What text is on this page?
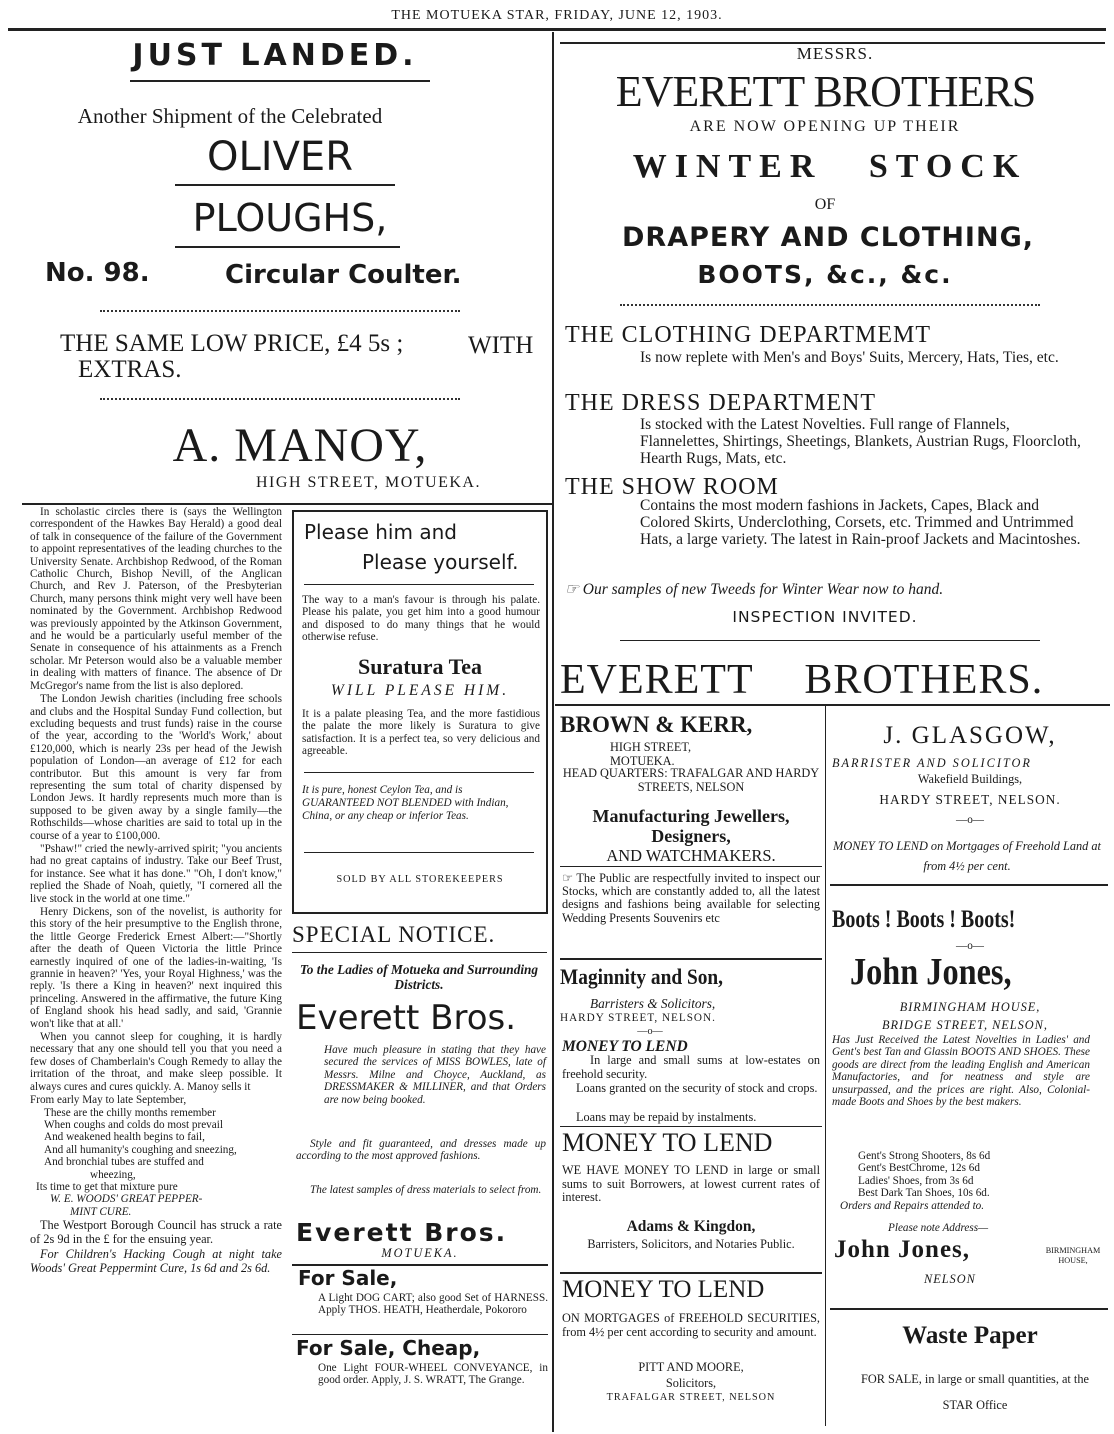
THE MOTUEKA STAR, FRIDAY, JUNE 12, 1903.
JUST LANDED.
Another Shipment of the Celebrated
OLIVER
PLOUGHS,
No. 98.	Circular Coulter.
THE SAME LOW PRICE, £4 5s ;	WITH
EXTRAS.
A. MANOY,
HIGH STREET, MOTUEKA.
MESSRS.
EVERETT BROTHERS
ARE NOW OPENING UP THEIR
WINTER STOCK
OF
DRAPERY AND CLOTHING,
BOOTS, &c., &c.
THE CLOTHING DEPARTMEMT
Is now replete with Men's and Boys' Suits, Mercery, Hats, Ties, etc.
THE DRESS DEPARTMENT
Is stocked with the Latest Novelties. Full range of Flannels, Flannelettes, Shirtings, Sheetings, Blankets, Austrian Rugs, Floorcloth, Hearth Rugs, Mats, etc.
THE SHOW ROOM
Contains the most modern fashions in Jackets, Capes, Black and Colored Skirts, Underclothing, Corsets, etc. Trimmed and Untrimmed Hats, a large variety. The latest in Rain-proof Jackets and Macintoshes.
☞ Our samples of new Tweeds for Winter Wear now to hand.
INSPECTION INVITED.
EVERETT BROTHERS.

In scholastic circles there is (says the Wellington correspondent of the Hawkes Bay Herald) a good deal of talk in consequence of the failure of the Government to appoint representatives of the leading churches to the University Senate. Archbishop Redwood, of the Roman Catholic Church, Bishop Nevill, of the Anglican Church, and Rev J. Paterson, of the Presbyterian Church, many persons think might very well have been nominated by the Government. Archbishop Redwood was previously appointed by the Atkinson Government, and he would be a particularly useful member of the Senate in consequence of his attainments as a French scholar. Mr Peterson would also be a valuable member in dealing with matters of finance. The absence of Dr McGregor's name from the list is also deplored.

The London Jewish charities (including free schools and clubs and the Hospital Sunday Fund collection, but excluding bequests and trust funds) raise in the course of the year, according to the 'World's Work,' about £120,000, which is nearly 23s per head of the Jewish population of London—an average of £12 for each contributor. But this amount is very far from representing the sum total of charity dispensed by London Jews. It hardly represents much more than is supposed to be given away by a single family—the Rothschilds—whose charities are said to total up in the course of a year to £100,000.

"Pshaw!" cried the newly-arrived spirit; "you ancients had no great captains of industry. Take our Beef Trust, for instance. See what it has done." "Oh, I don't know," replied the Shade of Noah, quietly, "I cornered all the live stock in the world at one time."

Henry Dickens, son of the novelist, is authority for this story of the heir presumptive to the English throne, the little George Frederick Ernest Albert:—"Shortly after the death of Queen Victoria the little Prince earnestly inquired of one of the ladies-in-waiting, 'Is grannie in heaven?' 'Yes, your Royal Highness,' was the reply. 'Is there a King in heaven?' next inquired this princeling. Answered in the affirmative, the future King of England shook his head sadly, and said, 'Grannie won't like that at all.'

When you cannot sleep for coughing, it is hardly necessary that any one should tell you that you need a few doses of Chamberlain's Cough Remedy to allay the irritation of the throat, and make sleep possible. It always cures and cures quickly. A. Manoy sells it

From early May to late September,
These are the chilly months remember
When coughs and colds do most prevail
And weakened health begins to fail,
And all humanity's coughing and sneezing,
And bronchial tubes are stuffed and
wheezing,
Its time to get that mixture pure
W. E. WOODS' GREAT PEPPER-
MINT CURE.

The Westport Borough Council has struck a rate of 2s 9d in the £ for the ensuing year.

For Children's Hacking Cough at night take Woods' Great Peppermint Cure, 1s 6d and 2s 6d.

Please him and
Please yourself.
The way to a man's favour is through his palate. Please his palate, you get him into a good humour and disposed to do many things that he would otherwise refuse.
Suratura Tea
WILL PLEASE HIM.
It is a palate pleasing Tea, and the more fastidious the palate the more likely is Suratura to give satisfaction. It is a perfect tea, so very delicious and agreeable.
It is pure, honest Ceylon Tea, and is GUARANTEED NOT BLENDED with Indian, China, or any cheap or inferior Teas.
SOLD BY ALL STOREKEEPERS
SPECIAL NOTICE.
To the Ladies of Motueka and Surrounding Districts.
Everett Bros.
Have much pleasure in stating that they have secured the services of MISS BOWLES, late of Messrs. Milne and Choyce, Auckland, as DRESSMAKER & MILLINER, and that Orders are now being booked.
Style and fit guaranteed, and dresses made up according to the most approved fashions.
The latest samples of dress materials to select from.
Everett Bros.
MOTUEKA.
For Sale,
A Light DOG CART; also good Set of HARNESS. Apply THOS. HEATH, Heatherdale, Pokororo
For Sale, Cheap,
One Light FOUR-WHEEL CONVEYANCE, in good order. Apply, J. S. WRATT, The Grange.
BROWN & KERR,
HIGH STREET,
MOTUEKA.
HEAD QUARTERS: TRAFALGAR AND HARDY STREETS, NELSON
Manufacturing Jewellers,
Designers,
AND WATCHMAKERS.
☞ The Public are respectfully invited to inspect our Stocks, which are constantly added to, all the latest designs and fashions being available for selecting Wedding Presents Souvenirs etc
J. GLASGOW,
BARRISTER AND SOLICITOR
Wakefield Buildings,
HARDY STREET, NELSON.
—o—
MONEY TO LEND on Mortgages of Freehold Land at from 4½ per cent.
Maginnity and Son,
Barristers & Solicitors,
HARDY STREET, NELSON.
—o—
MONEY TO LEND
In large and small sums at low-estates on freehold security.
Loans granted on the security of stock and crops.
Loans may be repaid by instalments.
MONEY TO LEND
WE HAVE MONEY TO LEND in large or small sums to suit Borrowers, at lowest current rates of interest.
Adams & Kingdon,
Barristers, Solicitors, and Notaries Public.
MONEY TO LEND
ON MORTGAGES of FREEHOLD SECURITIES, from 4½ per cent according to security and amount.
PITT AND MOORE,
Solicitors,
TRAFALGAR STREET, NELSON
Boots ! Boots ! Boots!
—o—
John Jones,
BIRMINGHAM HOUSE,
BRIDGE STREET, NELSON,
Has Just Received the Latest Novelties in Ladies' and Gent's best Tan and Glassin BOOTS AND SHOES. These goods are direct from the leading English and American Manufactories, and for neatness and style are unsurpassed, and the prices are right. Also, Colonial-made Boots and Shoes by the best makers.
Gent's Strong Shooters, 8s 6d
Gent's BestChrome, 12s 6d
Ladies' Shoes, from 3s 6d
Best Dark Tan Shoes, 10s 6d.
Orders and Repairs attended to.
Please note Address—
John Jones,	BIRMINGHAM HOUSE,
NELSON
Waste Paper
FOR SALE, in large or small quantities, at the STAR Office
